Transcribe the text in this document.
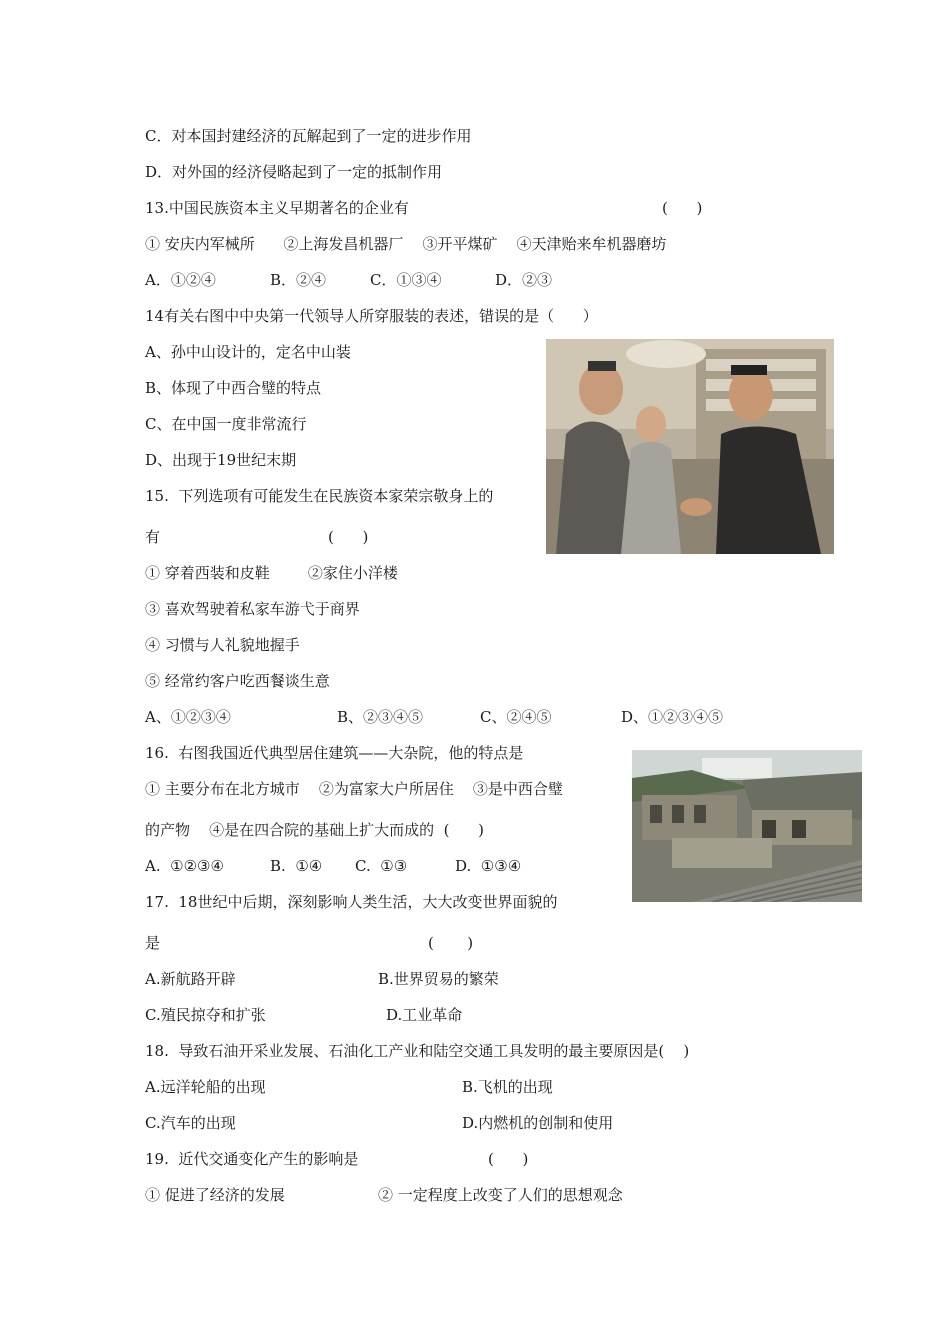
C．对本国封建经济的瓦解起到了一定的进步作用
D．对外国的经济侵略起到了一定的抵制作用
13.中国民族资本主义早期著名的企业有	(      )
① 安庆内军械所      ②上海发昌机器厂    ③开平煤矿    ④天津贻来牟机器磨坊
A．①②④	B．②④	C．①③④	D．②③
14有关右图中中央第一代领导人所穿服装的表述，错误的是（      ）
A、孙中山设计的，定名中山装
B、体现了中西合璧的特点
C、在中国一度非常流行
D、出现于19世纪末期
15.  下列选项有可能发生在民族资本家荣宗敬身上的
有	(      )
① 穿着西装和皮鞋        ②家住小洋楼
③ 喜欢驾驶着私家车游弋于商界
④ 习惯与人礼貌地握手
⑤ 经常约客户吃西餐谈生意
A、①②③④	B、②③④⑤	C、②④⑤	D、①②③④⑤
16.  右图我国近代典型居住建筑——大杂院，他的特点是
① 主要分布在北方城市    ②为富家大户所居住    ③是中西合璧
的产物    ④是在四合院的基础上扩大而成的  (      )
A.  ①②③④	B.  ①④ C.  ①③	D.  ①③④
17.  18世纪中后期，深刻影响人类生活，大大改变世界面貌的
是	(       )
A.新航路开辟	B.世界贸易的繁荣
C.殖民掠夺和扩张	D.工业革命
18.  导致石油开采业发展、石油化工产业和陆空交通工具发明的最主要原因是(    )
A.远洋轮船的出现	B.飞机的出现
C.汽车的出现	D.内燃机的创制和使用
19.  近代交通变化产生的影响是	(      )
① 促进了经济的发展	② 一定程度上改变了人们的思想观念
